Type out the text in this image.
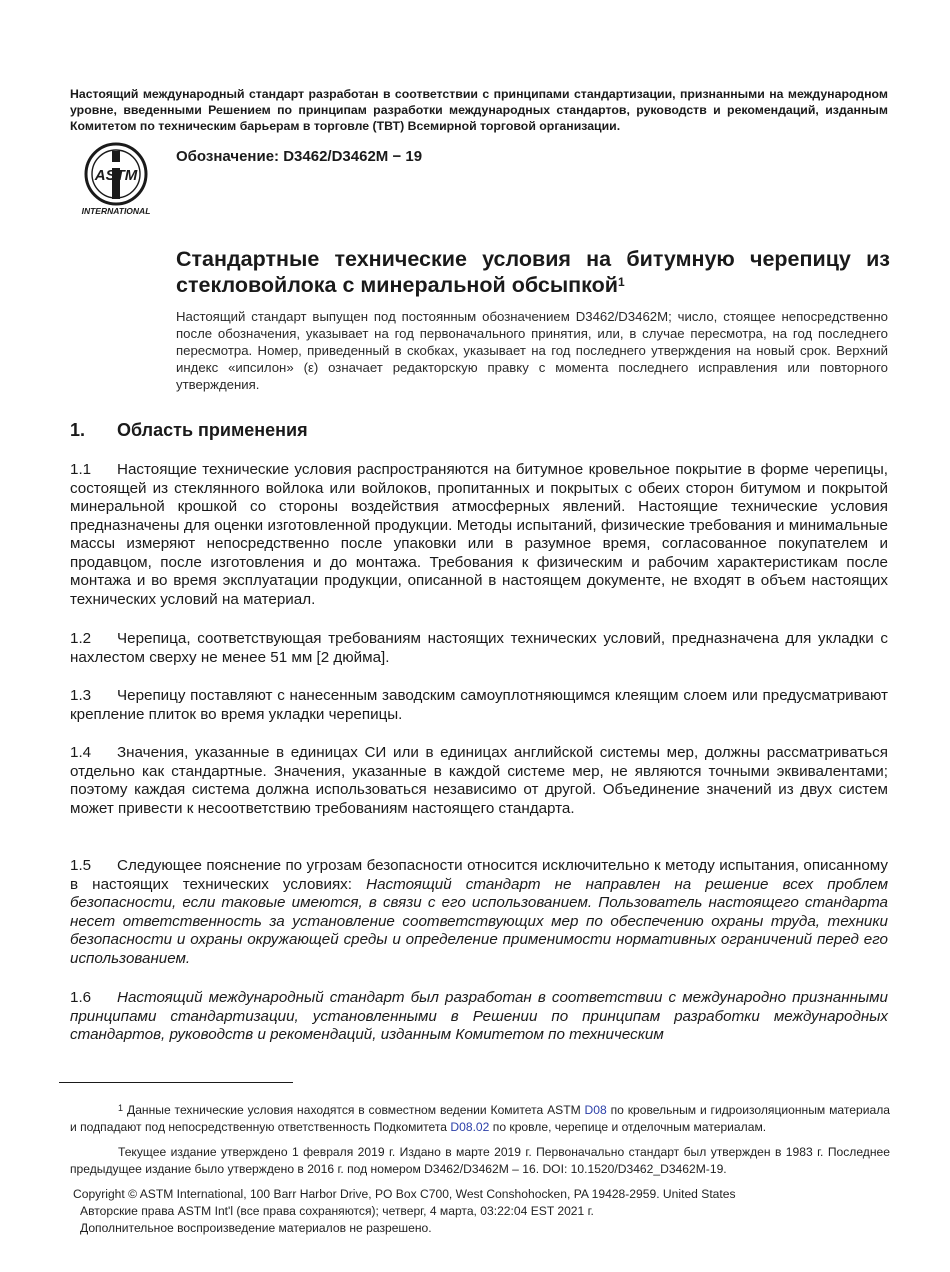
Настоящий международный стандарт разработан в соответствии с принципами стандартизации, признанными на международном уровне, введенными Решением по принципам разработки международных стандартов, руководств и рекомендаций, изданным Комитетом по техническим барьерам в торговле (ТВТ) Всемирной торговой организации.
ASTM
INTERNATIONAL
Обозначение: D3462/D3462M − 19
Стандартные технические условия на битумную черепицу из стекловойлока с минеральной обсыпкой$^1$
Настоящий стандарт выпущен под постоянным обозначением D3462/D3462M; число, стоящее непосредственно после обозначения, указывает на год первоначального принятия, или, в случае пересмотра, на год последнего пересмотра. Номер, приведенный в скобках, указывает на год последнего утверждения на новый срок. Верхний индекс «ипсилон» (ε) означает редакторскую правку с момента последнего исправления или повторного утверждения.
1. Область применения
1.1 Настоящие технические условия распространяются на битумное кровельное покрытие в форме черепицы, состоящей из стеклянного войлока или войлоков, пропитанных и покрытых с обеих сторон битумом и покрытой минеральной крошкой со стороны воздействия атмосферных явлений. Настоящие технические условия предназначены для оценки изготовленной продукции. Методы испытаний, физические требования и минимальные массы измеряют непосредственно после упаковки или в разумное время, согласованное покупателем и продавцом, после изготовления и до монтажа. Требования к физическим и рабочим характеристикам после монтажа и во время эксплуатации продукции, описанной в настоящем документе, не входят в объем настоящих технических условий на материал.
1.2 Черепица, соответствующая требованиям настоящих технических условий, предназначена для укладки с нахлестом сверху не менее 51 мм [2 дюйма].
1.3 Черепицу поставляют с нанесенным заводским самоуплотняющимся клеящим слоем или предусматривают крепление плиток во время укладки черепицы.
1.4 Значения, указанные в единицах СИ или в единицах английской системы мер, должны рассматриваться отдельно как стандартные. Значения, указанные в каждой системе мер, не являются точными эквивалентами; поэтому каждая система должна использоваться независимо от другой. Объединение значений из двух систем может привести к несоответствию требованиям настоящего стандарта.
1.5 Следующее пояснение по угрозам безопасности относится исключительно к методу испытания, описанному в настоящих технических условиях: Настоящий стандарт не направлен на решение всех проблем безопасности, если таковые имеются, в связи с его использованием. Пользователь настоящего стандарта несет ответственность за установление соответствующих мер по обеспечению охраны труда, техники безопасности и охраны окружающей среды и определение применимости нормативных ограничений перед его использованием.
1.6 Настоящий международный стандарт был разработан в соответствии с международно признанными принципами стандартизации, установленными в Решении по принципам разработки международных стандартов, руководств и рекомендаций, изданным Комитетом по техническим
$^1$ Данные технические условия находятся в совместном ведении Комитета ASTM D08 по кровельным и гидроизоляционным материала и подпадают под непосредственную ответственность Подкомитета D08.02 по кровле, черепице и отделочным материалам.
Текущее издание утверждено 1 февраля 2019 г. Издано в марте 2019 г. Первоначально стандарт был утвержден в 1983 г. Последнее предыдущее издание было утверждено в 2016 г. под номером D3462/D3462M – 16. DOI: 10.1520/D3462_D3462M-19.
Copyright © ASTM International, 100 Barr Harbor Drive, PO Box C700, West Conshohocken, PA 19428-2959. United States
Авторские права ASTM Int'l (все права сохраняются); четверг, 4 марта, 03:22:04 EST 2021 г.
Дополнительное воспроизведение материалов не разрешено.
